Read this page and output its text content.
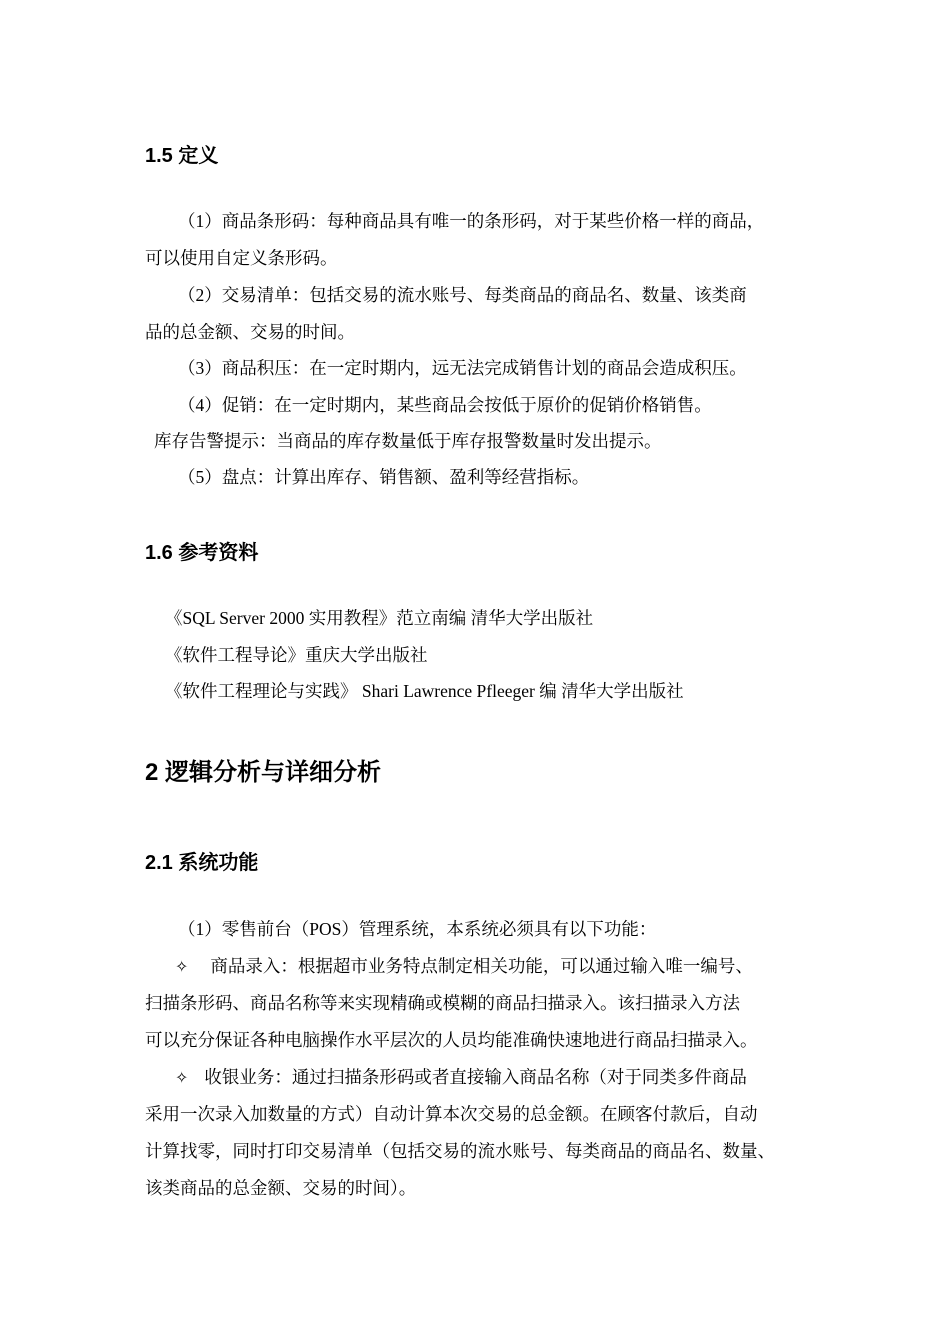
1.5 定义
（1）商品条形码：每种商品具有唯一的条形码，对于某些价格一样的商品，
可以使用自定义条形码。
（2）交易清单：包括交易的流水账号、每类商品的商品名、数量、该类商
品的总金额、交易的时间。
（3）商品积压：在一定时期内，远无法完成销售计划的商品会造成积压。
（4）促销：在一定时期内，某些商品会按低于原价的促销价格销售。
库存告警提示：当商品的库存数量低于库存报警数量时发出提示。
（5）盘点：计算出库存、销售额、盈利等经营指标。
1.6 参考资料
《SQL Server 2000 实用教程》范立南编 清华大学出版社
《软件工程导论》重庆大学出版社
《软件工程理论与实践》 Shari Lawrence Pfleeger 编 清华大学出版社
2 逻辑分析与详细分析
2.1 系统功能
（1）零售前台（POS）管理系统，本系统必须具有以下功能：
✧ 商品录入：根据超市业务特点制定相关功能，可以通过输入唯一编号、
扫描条形码、商品名称等来实现精确或模糊的商品扫描录入。该扫描录入方法
可以充分保证各种电脑操作水平层次的人员均能准确快速地进行商品扫描录入。
✧ 收银业务：通过扫描条形码或者直接输入商品名称（对于同类多件商品
采用一次录入加数量的方式）自动计算本次交易的总金额。在顾客付款后，自动
计算找零，同时打印交易清单（包括交易的流水账号、每类商品的商品名、数量、
该类商品的总金额、交易的时间）。
